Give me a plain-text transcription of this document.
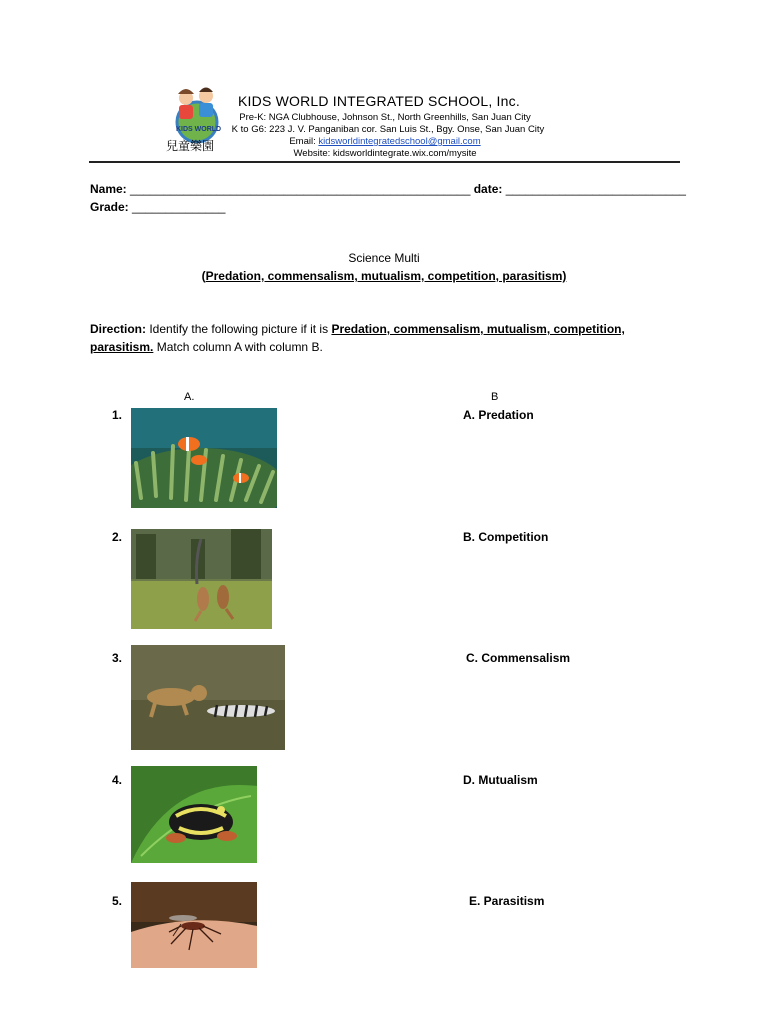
KIDS WORLD
兒童樂園
KIDS WORLD INTEGRATED SCHOOL, Inc.
Pre-K: NGA Clubhouse, Johnson St., North Greenhills, San Juan City
K to G6: 223 J. V. Panganiban cor. San Luis St., Bgy. Onse, San Juan City
Email: kidsworldintegratedschool@gmail.com
Website: kidsworldintegrate.wix.com/mysite
Name: ___________________________________________________ date: ___________________________
Grade: ______________
Science Multi
(Predation, commensalism, mutualism, competition, parasitism)
Direction: Identify the following picture if it is Predation, commensalism, mutualism, competition, parasitism. Match column A with column B.
A.	B
1.	A. Predation
2.	B. Competition
3.	C. Commensalism
4.	D. Mutualism
5.	E. Parasitism
